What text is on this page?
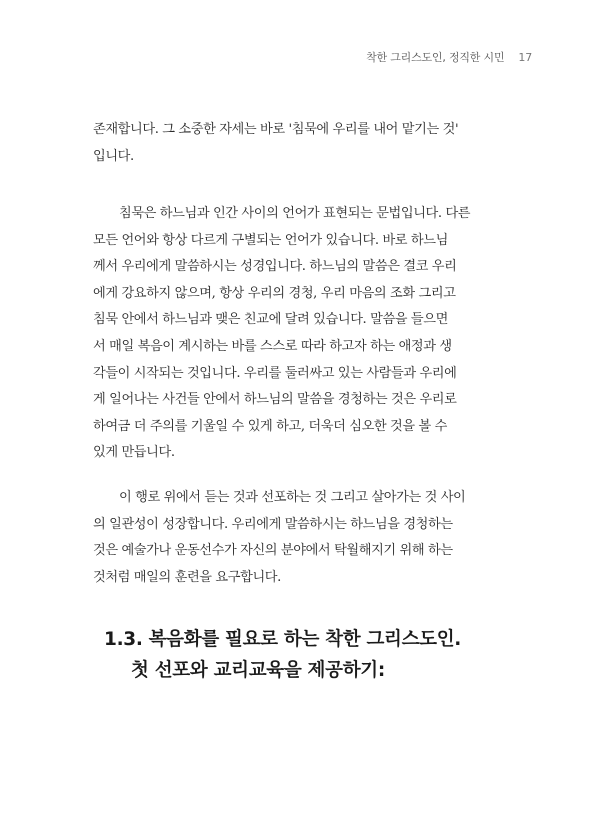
착한 그리스도인, 정직한 시민 17
존재합니다. 그 소중한 자세는 바로 '침묵에 우리를 내어 맡기는 것'
입니다.
침묵은 하느님과 인간 사이의 언어가 표현되는 문법입니다. 다른
모든 언어와 항상 다르게 구별되는 언어가 있습니다. 바로 하느님
께서 우리에게 말씀하시는 성경입니다. 하느님의 말씀은 결코 우리
에게 강요하지 않으며, 항상 우리의 경청, 우리 마음의 조화 그리고
침묵 안에서 하느님과 맺은 친교에 달려 있습니다. 말씀을 들으면
서 매일 복음이 계시하는 바를 스스로 따라 하고자 하는 애정과 생
각들이 시작되는 것입니다. 우리를 둘러싸고 있는 사람들과 우리에
게 일어나는 사건들 안에서 하느님의 말씀을 경청하는 것은 우리로
하여금 더 주의를 기울일 수 있게 하고, 더욱더 심오한 것을 볼 수
있게 만듭니다.
이 행로 위에서 듣는 것과 선포하는 것 그리고 살아가는 것 사이
의 일관성이 성장합니다. 우리에게 말씀하시는 하느님을 경청하는
것은 예술가나 운동선수가 자신의 분야에서 탁월해지기 위해 하는
것처럼 매일의 훈련을 요구합니다.
1.3. 복음화를 필요로 하는 착한 그리스도인.
첫 선포와 교리교육을 제공하기:
